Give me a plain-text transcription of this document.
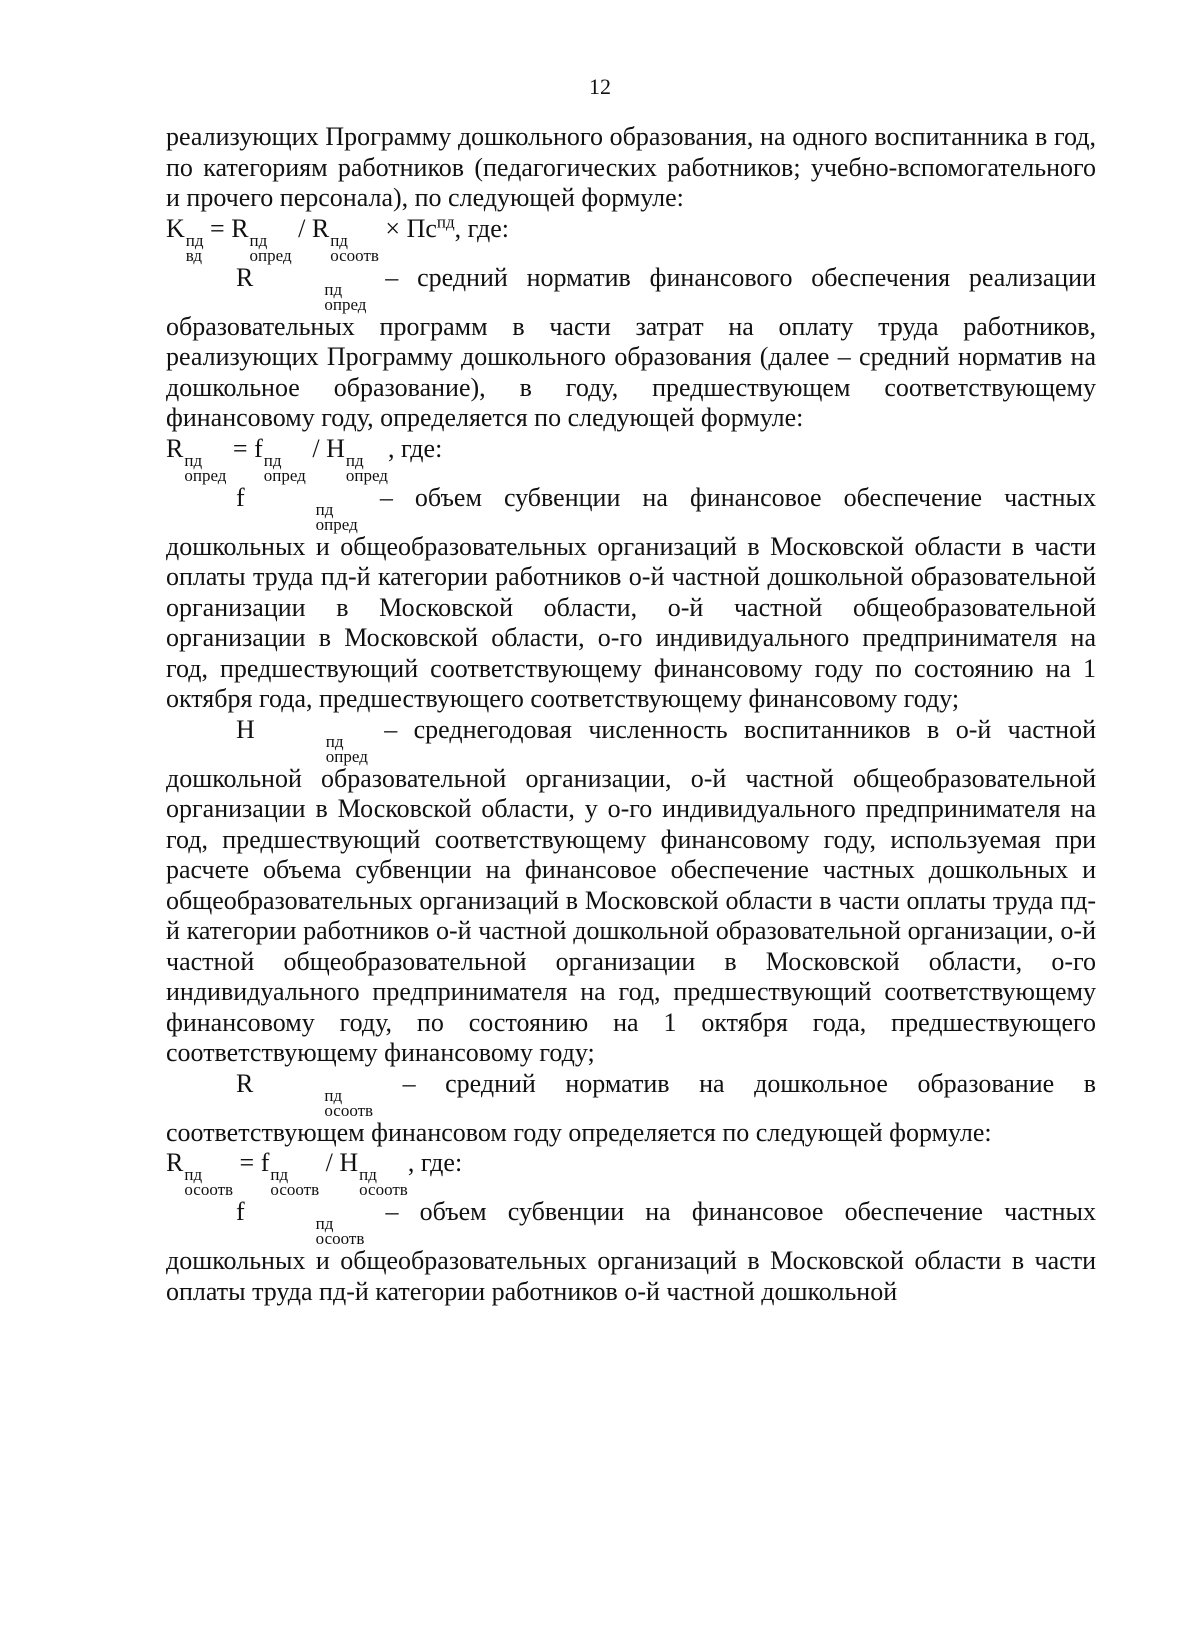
12

реализующих Программу дошкольного образования, на одного воспитанника в год, по категориям работников (педагогических работников; учебно-вспомогательного и прочего персонала), по следующей формуле:

K пд
вд
= R пд
опред
/ R пд
осоотв
× $Пс^{пд}$, где:

R	пд
опред
– средний норматив финансового обеспечения реализации образовательных программ в части затрат на оплату труда работников, реализующих Программу дошкольного образования (далее – средний норматив на дошкольное образование), в году, предшествующем соответствующему финансовому году, определяется по следующей формуле:

R пд
опред
= f пд
опред
/ H пд
опред
, где:

f	пд
опред
– объем субвенции на финансовое обеспечение частных дошкольных и общеобразовательных организаций в Московской области в части оплаты труда пд-й категории работников о-й частной дошкольной образовательной организации в Московской области, о-й частной общеобразовательной организации в Московской области, о-го индивидуального предпринимателя на год, предшествующий соответствующему финансовому году по состоянию на 1 октября года, предшествующего соответствующему финансовому году;

H	пд
опред
– среднегодовая численность воспитанников в о-й частной дошкольной образовательной организации, о-й частной общеобразовательной организации в Московской области, у о-го индивидуального предпринимателя на год, предшествующий соответствующему финансовому году, используемая при расчете объема субвенции на финансовое обеспечение частных дошкольных и общеобразовательных организаций в Московской области в части оплаты труда пд-й категории работников о-й частной дошкольной образовательной организации, о-й частной общеобразовательной организации в Московской области, о-го индивидуального предпринимателя на год, предшествующий соответствующему финансовому году, по состоянию на 1 октября года, предшествующего соответствующему финансовому году;

R	пд
осоотв
– средний норматив на дошкольное образование в соответствующем финансовом году определяется по следующей формуле:

R пд
осоотв
= f пд
осоотв
/ H пд
осоотв
, где:

f	пд
осоотв
– объем субвенции на финансовое обеспечение частных дошкольных и общеобразовательных организаций в Московской области в части оплаты труда пд-й категории работников о-й частной дошкольной
